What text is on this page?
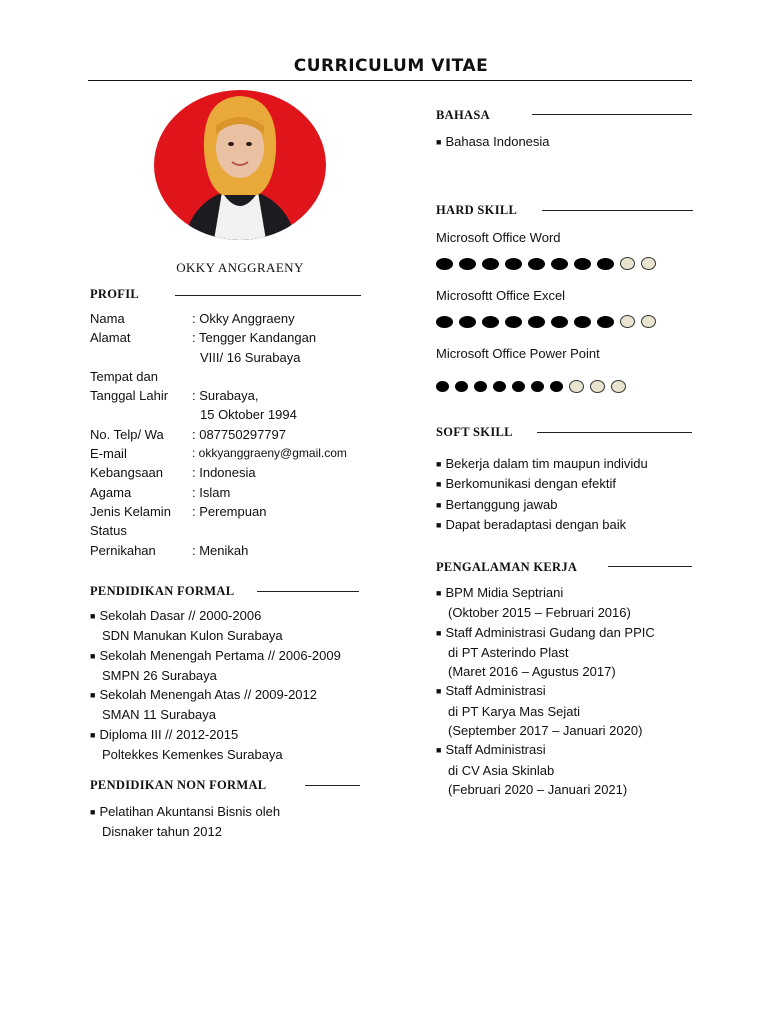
CURRICULUM VITAE
OKKY ANGGRAENY
PROFIL
Nama	: Okky Anggraeny
Alamat	: Tengger Kandangan
VIII/ 16 Surabaya
Tempat dan
Tanggal Lahir : Surabaya,
15 Oktober 1994
No. Telp/ Wa : 087750297797
E-mail	: okkyanggraeny@gmail.com
Kebangsaan : Indonesia
Agama	: Islam
Jenis Kelamin : Perempuan
Status
Pernikahan	: Menikah
PENDIDIKAN FORMAL
■ Sekolah Dasar // 2000-2006
SDN Manukan Kulon Surabaya
■ Sekolah Menengah Pertama // 2006-2009
SMPN 26 Surabaya
■ Sekolah Menengah Atas // 2009-2012
SMAN 11 Surabaya
■ Diploma III // 2012-2015
Poltekkes Kemenkes Surabaya
PENDIDIKAN NON FORMAL
■ Pelatihan Akuntansi Bisnis oleh
Disnaker tahun 2012
BAHASA
■ Bahasa Indonesia
HARD SKILL
Microsoft Office Word
Microsoftt Office Excel
Microsoft Office Power Point
SOFT SKILL
■ Bekerja dalam tim maupun individu
■ Berkomunikasi dengan efektif
■ Bertanggung jawab
■ Dapat beradaptasi dengan baik
PENGALAMAN KERJA
■ BPM Midia Septriani
(Oktober 2015 – Februari 2016)
■ Staff Administrasi Gudang dan PPIC
di PT Asterindo Plast
(Maret 2016 – Agustus 2017)
■ Staff Administrasi
di PT Karya Mas Sejati
(September 2017 – Januari 2020)
■ Staff Administrasi
di CV Asia Skinlab
(Februari 2020 – Januari 2021)
